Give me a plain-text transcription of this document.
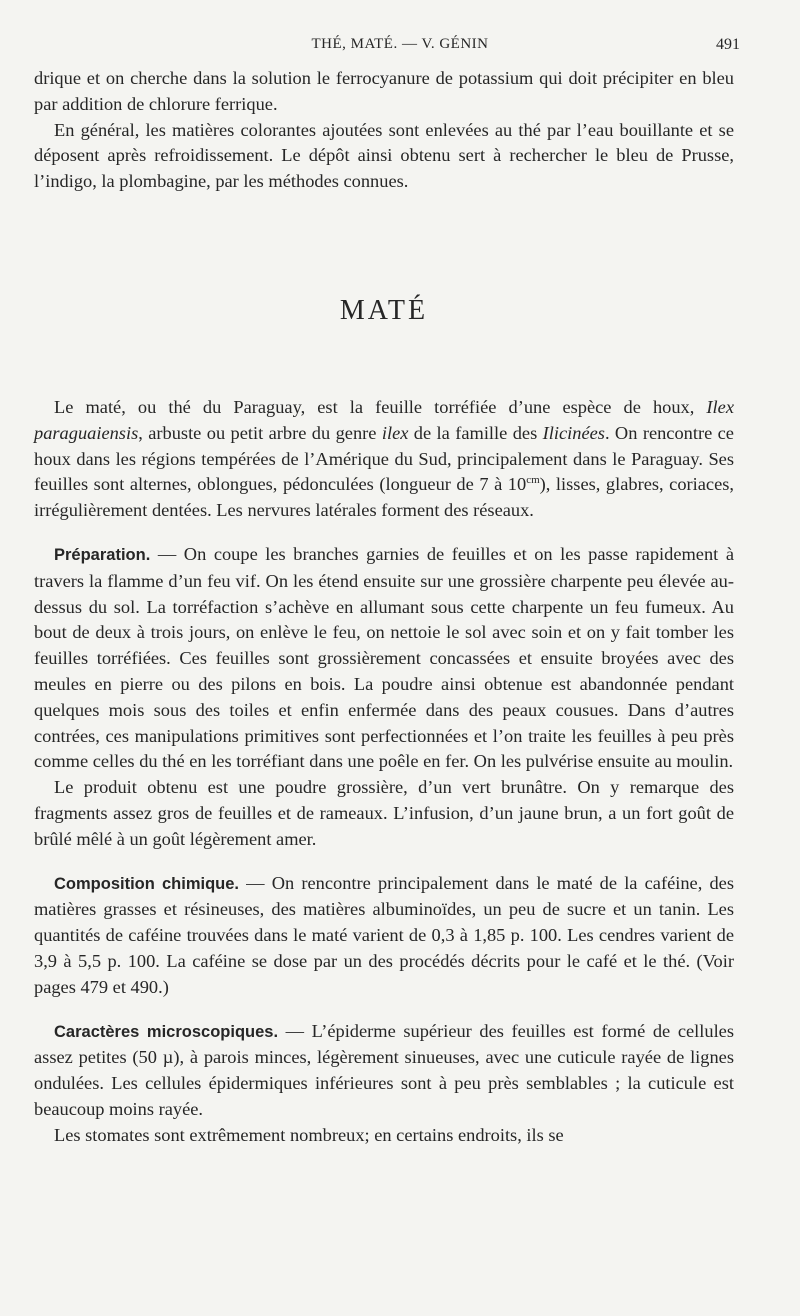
THÉ, MATÉ. — V. GÉNIN	491

drique et on cherche dans la solution le ferrocyanure de potassium qui doit précipiter en bleu par addition de chlorure ferrique.

En général, les matières colorantes ajoutées sont enlevées au thé par l’eau bouillante et se déposent après refroidissement. Le dépôt ainsi obtenu sert à rechercher le bleu de Prusse, l’indigo, la plombagine, par les méthodes connues.

MATÉ

Le maté, ou thé du Paraguay, est la feuille torréfiée d’une espèce de houx, Ilex paraguaiensis, arbuste ou petit arbre du genre ilex de la famille des Ilicinées. On rencontre ce houx dans les régions tempérées de l’Amérique du Sud, principalement dans le Paraguay. Ses feuilles sont alternes, oblongues, pédonculées (longueur de 7 à $10^{cm}$), lisses, glabres, coriaces, irrégulièrement dentées. Les nervures latérales forment des réseaux.

Préparation. — On coupe les branches garnies de feuilles et on les passe rapidement à travers la flamme d’un feu vif. On les étend ensuite sur une grossière charpente peu élevée au-dessus du sol. La torréfaction s’achève en allumant sous cette charpente un feu fumeux. Au bout de deux à trois jours, on enlève le feu, on nettoie le sol avec soin et on y fait tomber les feuilles torréfiées. Ces feuilles sont grossièrement concassées et ensuite broyées avec des meules en pierre ou des pilons en bois. La poudre ainsi obtenue est abandonnée pendant quelques mois sous des toiles et enfin enfermée dans des peaux cousues. Dans d’autres contrées, ces manipulations primitives sont perfectionnées et l’on traite les feuilles à peu près comme celles du thé en les torréfiant dans une poêle en fer. On les pulvérise ensuite au moulin.

Le produit obtenu est une poudre grossière, d’un vert brunâtre. On y remarque des fragments assez gros de feuilles et de rameaux. L’infusion, d’un jaune brun, a un fort goût de brûlé mêlé à un goût légèrement amer.

Composition chimique. — On rencontre principalement dans le maté de la caféine, des matières grasses et résineuses, des matières albuminoïdes, un peu de sucre et un tanin. Les quantités de caféine trouvées dans le maté varient de 0,3 à 1,85 p. 100. Les cendres varient de 3,9 à 5,5 p. 100. La caféine se dose par un des procédés décrits pour le café et le thé. (Voir pages 479 et 490.)

Caractères microscopiques. — L’épiderme supérieur des feuilles est formé de cellules assez petites (50 µ), à parois minces, légèrement sinueuses, avec une cuticule rayée de lignes ondulées. Les cellules épidermiques inférieures sont à peu près semblables ; la cuticule est beaucoup moins rayée.

Les stomates sont extrêmement nombreux; en certains endroits, ils se
